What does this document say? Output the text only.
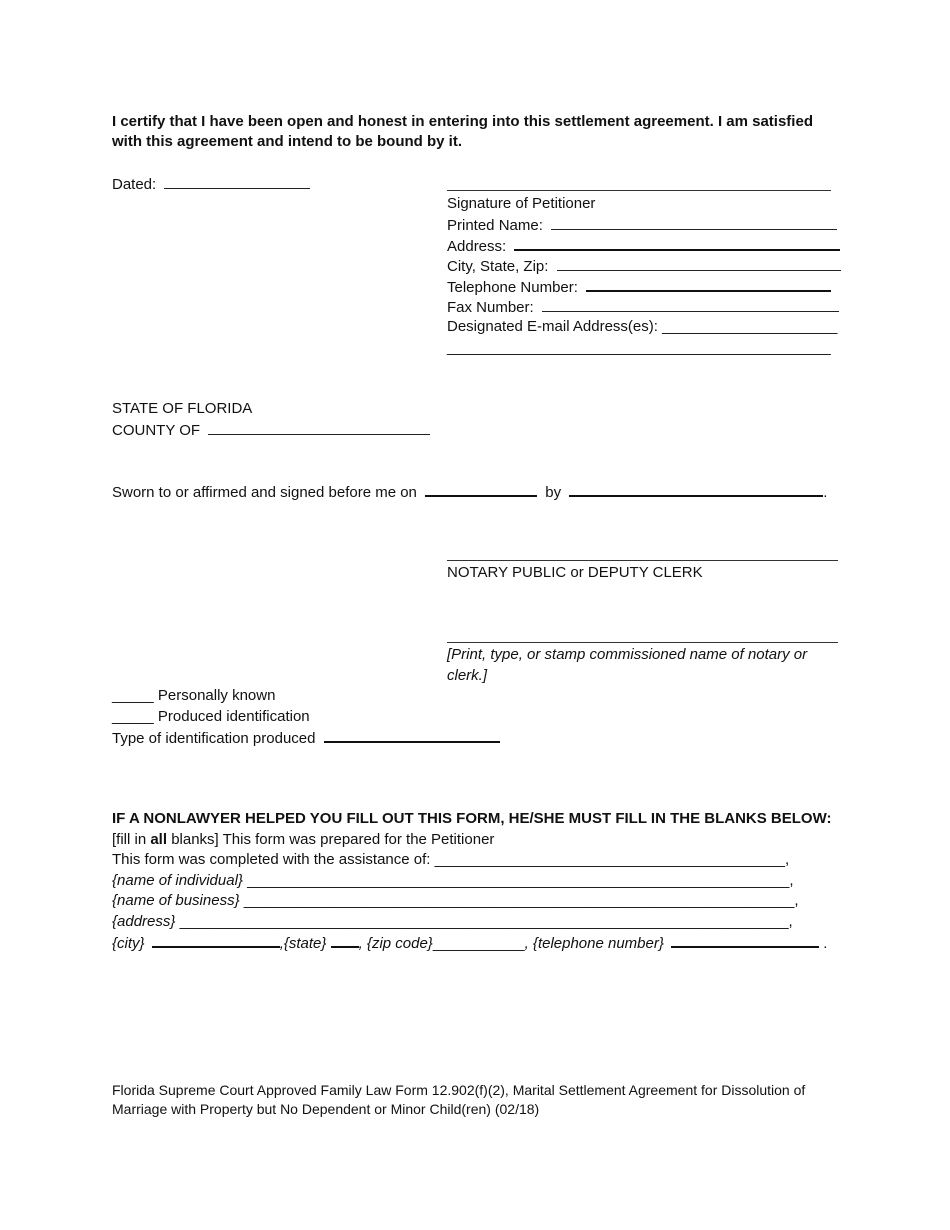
I certify that I have been open and honest in entering into this settlement agreement. I am satisfied
with this agreement and intend to be bound by it.
Dated:
Signature of Petitioner
Printed Name:
Address:
City, State, Zip:
Telephone Number:
Fax Number:
Designated E-mail Address(es): _____________________
______________________________________________
STATE OF FLORIDA
COUNTY OF
Sworn to or affirmed and signed before me on	by	.
NOTARY PUBLIC or DEPUTY CLERK
[Print, type, or stamp commissioned name of notary or
clerk.]
_____ Personally known
_____ Produced identification
Type of identification produced
IF A NONLAWYER HELPED YOU FILL OUT THIS FORM, HE/SHE MUST FILL IN THE BLANKS BELOW:
[fill in all blanks] This form was prepared for the Petitioner
This form was completed with the assistance of: __________________________________________,
{name of individual} _________________________________________________________________,
{name of business} __________________________________________________________________,
{address} _________________________________________________________________________,
{city}	,{state} , {zip code}___________, {telephone number}	.
Florida Supreme Court Approved Family Law Form 12.902(f)(2), Marital Settlement Agreement for Dissolution of
Marriage with Property but No Dependent or Minor Child(ren) (02/18)
